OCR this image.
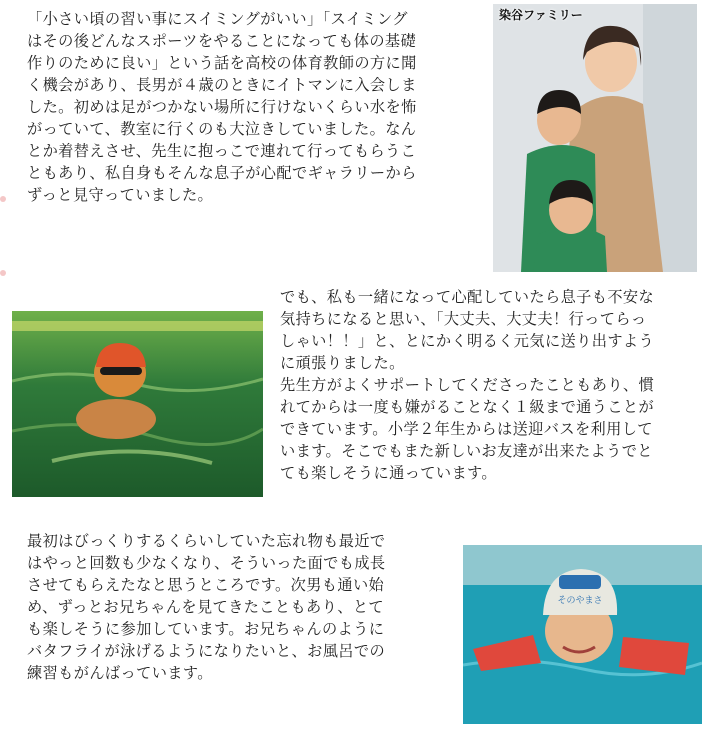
「小さい頃の習い事にスイミングがいい」「スイミング
はその後どんなスポーツをやることになっても体の基礎
作りのために良い」という話を高校の体育教師の方に聞
く機会があり、長男が４歳のときにイトマンに入会しま
した。初めは足がつかない場所に行けないくらい水を怖
がっていて、教室に行くのも大泣きしていました。なん
とか着替えさせ、先生に抱っこで連れて行ってもらうこ
ともあり、私自身もそんな息子が心配でギャラリーから
ずっと見守っていました。

染谷ファミリー

でも、私も一緒になって心配していたら息子も不安な
気持ちになると思い、「大丈夫、大丈夫！行ってらっ
しゃい！！」と、とにかく明るく元気に送り出すよう
に頑張りました。
先生方がよくサポートしてくださったこともあり、慣
れてからは一度も嫌がることなく１級まで通うことが
できています。小学２年生からは送迎バスを利用して
います。そこでもまた新しいお友達が出来たようでと
ても楽しそうに通っています。

最初はびっくりするくらいしていた忘れ物も最近で
はやっと回数も少なくなり、そういった面でも成長
させてもらえたなと思うところです。次男も通い始
め、ずっとお兄ちゃんを見てきたこともあり、とて
も楽しそうに参加しています。お兄ちゃんのように
バタフライが泳げるようになりたいと、お風呂での
練習もがんばっています。

そのやまさ
